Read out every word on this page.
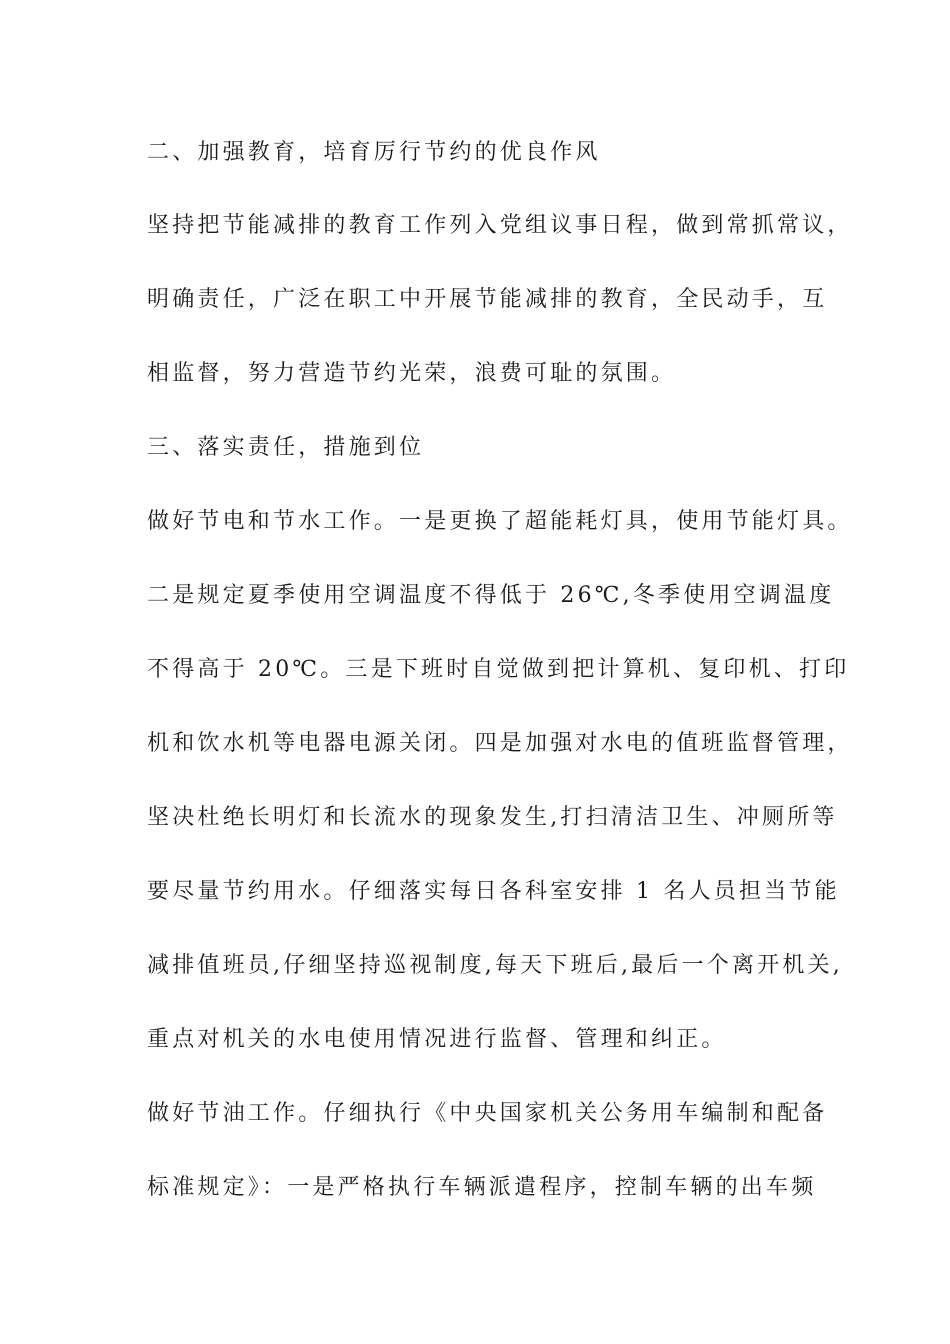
二、加强教育，培育厉行节约的优良作风

坚持把节能减排的教育工作列入党组议事日程，做到常抓常议，

明确责任，广泛在职工中开展节能减排的教育，全民动手，互

相监督，努力营造节约光荣，浪费可耻的氛围。

三、落实责任，措施到位

做好节电和节水工作。一是更换了超能耗灯具，使用节能灯具。

二是规定夏季使用空调温度不得低于 26℃,冬季使用空调温度

不得高于 20℃。三是下班时自觉做到把计算机、复印机、打印

机和饮水机等电器电源关闭。四是加强对水电的值班监督管理，

坚决杜绝长明灯和长流水的现象发生,打扫清洁卫生、冲厕所等

要尽量节约用水。仔细落实每日各科室安排 1 名人员担当节能

减排值班员,仔细坚持巡视制度,每天下班后,最后一个离开机关,

重点对机关的水电使用情况进行监督、管理和纠正。

做好节油工作。仔细执行《中央国家机关公务用车编制和配备

标准规定》：一是严格执行车辆派遣程序，控制车辆的出车频
